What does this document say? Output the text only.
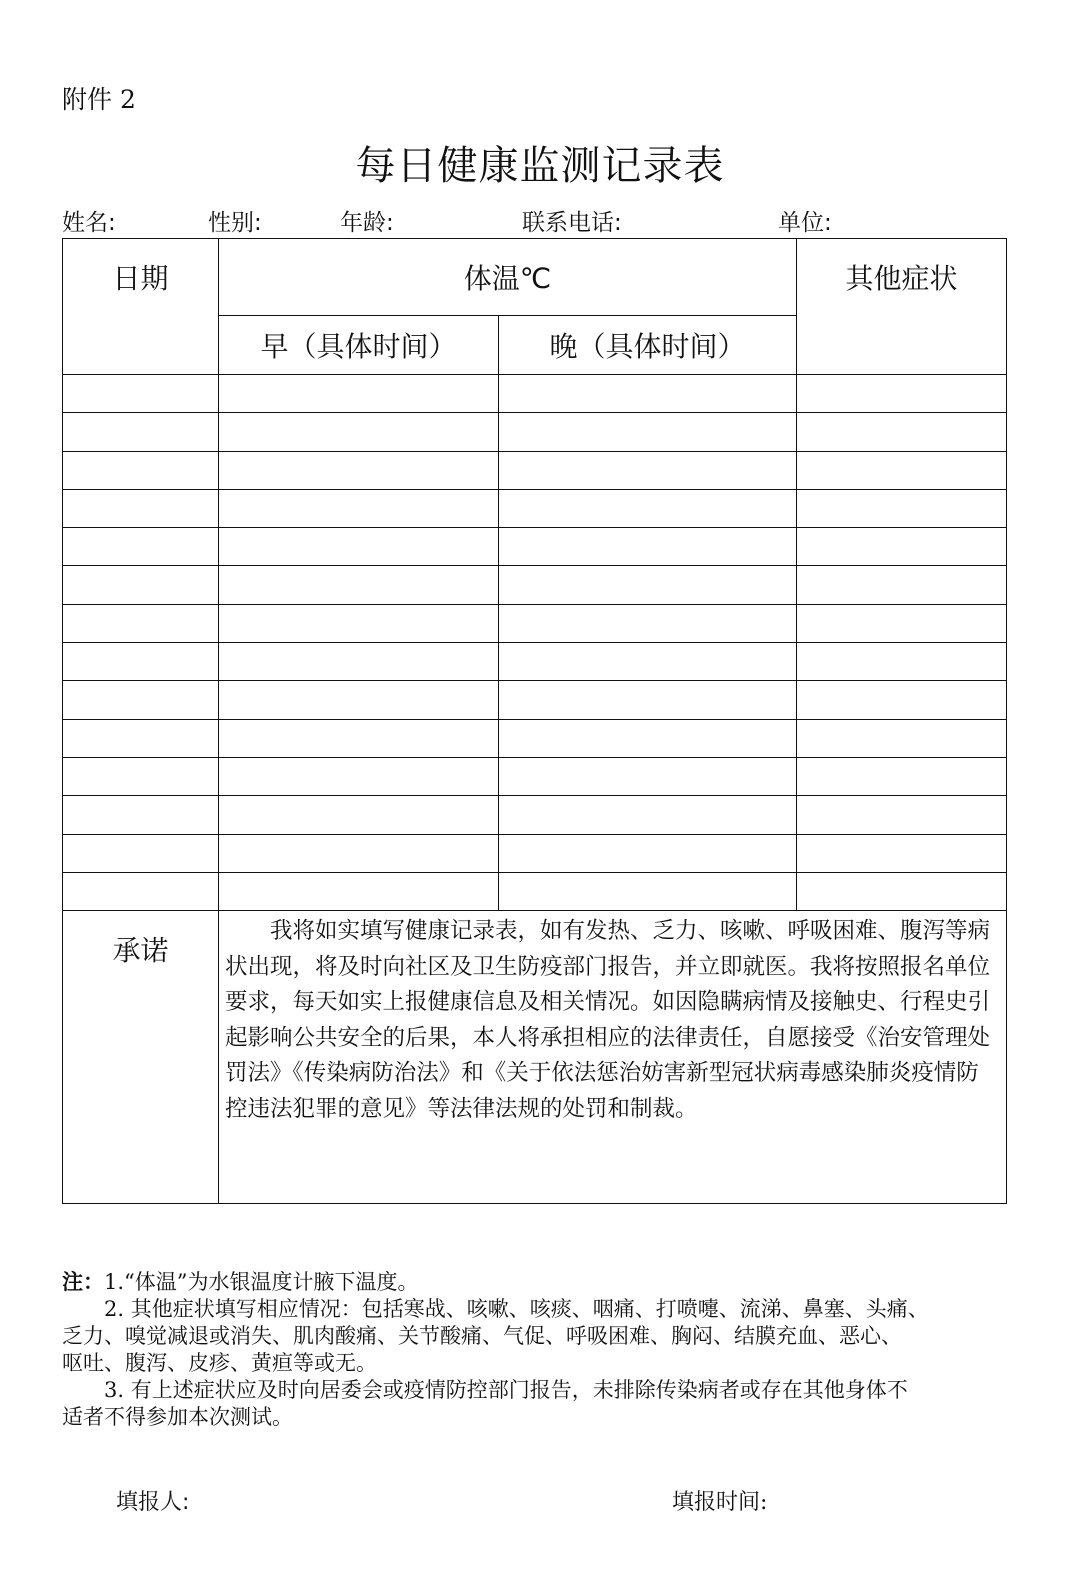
附件 2
每日健康监测记录表
姓名:	性别:	年龄:	联系电话:	单位:
日期	体温℃		其他症状
	早（具体时间）	晚（具体时间）	

承诺	我将如实填写健康记录表，如有发热、乏力、咳嗽、呼吸困难、腹泻等病状出现，将及时向社区及卫生防疫部门报告，并立即就医。我将按照报名单位要求，每天如实上报健康信息及相关情况。如因隐瞒病情及接触史、行程史引起影响公共安全的后果，本人将承担相应的法律责任，自愿接受《治安管理处罚法》《传染病防治法》和《关于依法惩治妨害新型冠状病毒感染肺炎疫情防控违法犯罪的意见》等法律法规的处罚和制裁。		
注：1.“体温”为水银温度计腋下温度。
2. 其他症状填写相应情况：包括寒战、咳嗽、咳痰、咽痛、打喷嚏、流涕、鼻塞、头痛、
乏力、嗅觉减退或消失、肌肉酸痛、关节酸痛、气促、呼吸困难、胸闷、结膜充血、恶心、
呕吐、腹泻、皮疹、黄疸等或无。
3. 有上述症状应及时向居委会或疫情防控部门报告，未排除传染病者或存在其他身体不
适者不得参加本次测试。
填报人:	填报时间:
